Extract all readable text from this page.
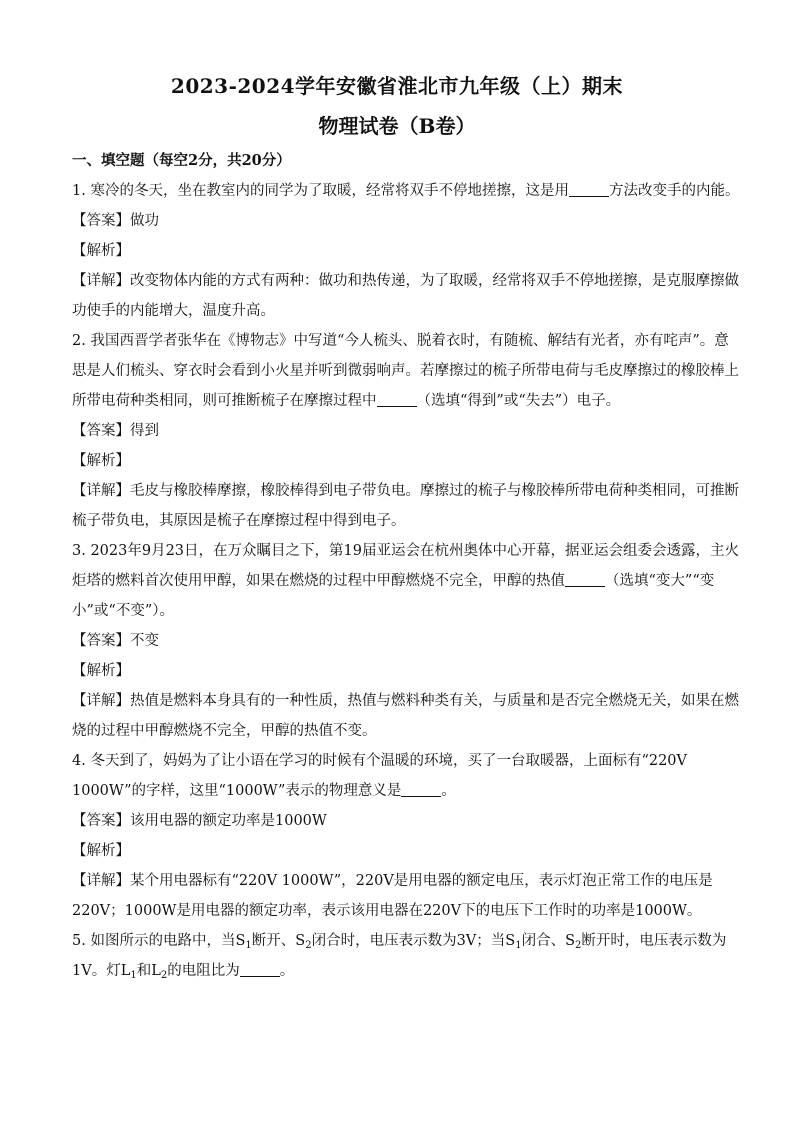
2023-2024学年安徽省淮北市九年级（上）期末
物理试卷（B卷）
一、填空题（每空2分，共20分）
1. 寒冷的冬天，坐在教室内的同学为了取暖，经常将双手不停地搓擦，这是用	方法改变手的内能。
【答案】做功
【解析】
【详解】改变物体内能的方式有两种：做功和热传递，为了取暖，经常将双手不停地搓擦，是克服摩擦做
功使手的内能增大，温度升高。
2. 我国西晋学者张华在《博物志》中写道“今人梳头、脱着衣时，有随梳、解结有光者，亦有咤声”。意
思是人们梳头、穿衣时会看到小火星并听到微弱响声。若摩擦过的梳子所带电荷与毛皮摩擦过的橡胶棒上
所带电荷种类相同，则可推断梳子在摩擦过程中	（选填“得到”或“失去”）电子。
【答案】得到
【解析】
【详解】毛皮与橡胶棒摩擦，橡胶棒得到电子带负电。摩擦过的梳子与橡胶棒所带电荷种类相同，可推断
梳子带负电，其原因是梳子在摩擦过程中得到电子。
3. 2023年9月23日，在万众瞩目之下，第19届亚运会在杭州奥体中心开幕，据亚运会组委会透露，主火
炬塔的燃料首次使用甲醇，如果在燃烧的过程中甲醇燃烧不完全，甲醇的热值	（选填“变大”“变
小”或“不变”）。
【答案】不变
【解析】
【详解】热值是燃料本身具有的一种性质，热值与燃料种类有关，与质量和是否完全燃烧无关，如果在燃
烧的过程中甲醇燃烧不完全，甲醇的热值不变。
4. 冬天到了，妈妈为了让小语在学习的时候有个温暖的环境，买了一台取暖器，上面标有“220V
1000W”的字样，这里“1000W”表示的物理意义是	。
【答案】该用电器的额定功率是1000W
【解析】
【详解】某个用电器标有“220V 1000W”，220V是用电器的额定电压，表示灯泡正常工作的电压是
220V；1000W是用电器的额定功率，表示该用电器在220V下的电压下工作时的功率是1000W。
5. 如图所示的电路中，当$S_1$断开、$S_2$闭合时，电压表示数为3V；当$S_1$闭合、$S_2$断开时，电压表示数为
1V。灯$L_1$和$L_2$的电阻比为	。
